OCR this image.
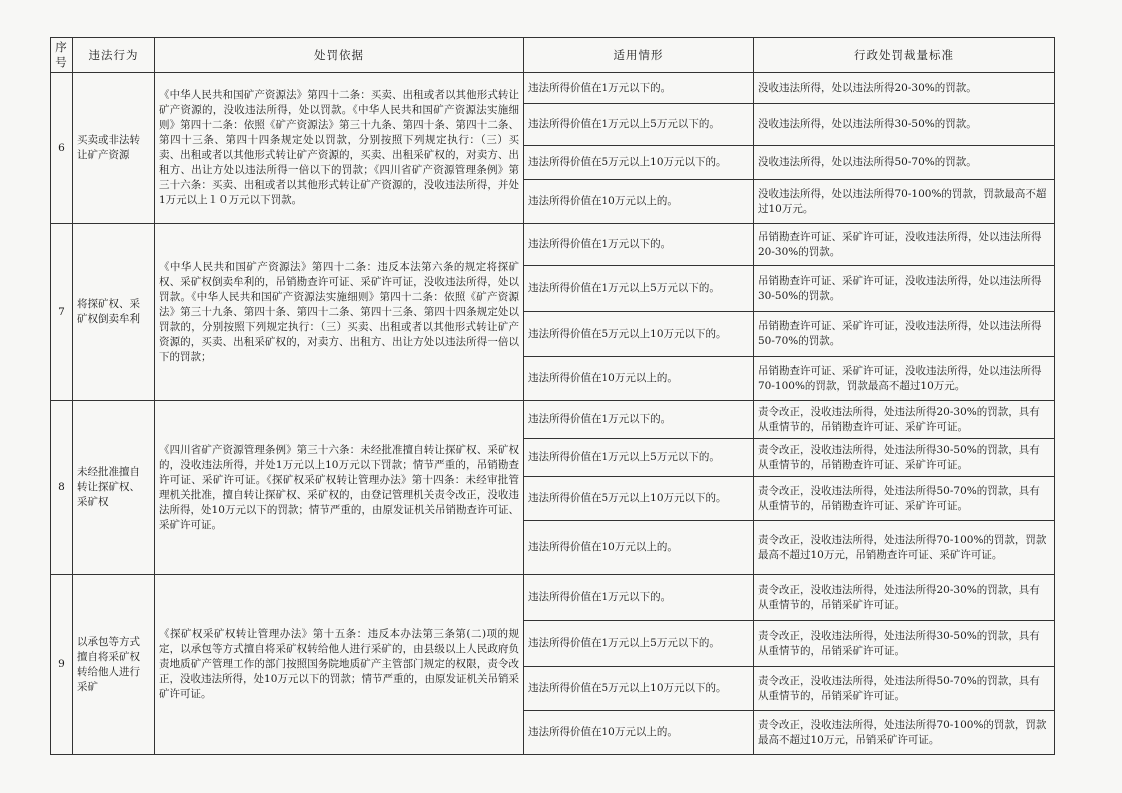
序号	违法行为	处罚依据	适用情形	行政处罚裁量标准
6	买卖或非法转让矿产资源	《中华人民共和国矿产资源法》第四十二条：买卖、出租或者以其他形式转让矿产资源的，没收违法所得，处以罚款。《中华人民共和国矿产资源法实施细则》第四十二条：依照《矿产资源法》第三十九条、第四十条、第四十二条、第四十三条、第四十四条规定处以罚款，分别按照下列规定执行：（三）买卖、出租或者以其他形式转让矿产资源的，买卖、出租采矿权的，对卖方、出租方、出让方处以违法所得一倍以下的罚款；《四川省矿产资源管理条例》第三十六条：买卖、出租或者以其他形式转让矿产资源的，没收违法所得，并处1万元以上１０万元以下罚款。	违法所得价值在1万元以下的。	没收违法所得，处以违法所得20-30%的罚款。
			违法所得价值在1万元以上5万元以下的。	没收违法所得，处以违法所得30-50%的罚款。
			违法所得价值在5万元以上10万元以下的。	没收违法所得，处以违法所得50-70%的罚款。
			违法所得价值在10万元以上的。	没收违法所得，处以违法所得70-100%的罚款，罚款最高不超过10万元。
7	将探矿权、采矿权倒卖牟利	《中华人民共和国矿产资源法》第四十二条：违反本法第六条的规定将探矿权、采矿权倒卖牟利的，吊销勘查许可证、采矿许可证，没收违法所得，处以罚款。《中华人民共和国矿产资源法实施细则》第四十二条：依照《矿产资源法》第三十九条、第四十条、第四十二条、第四十三条、第四十四条规定处以罚款的，分别按照下列规定执行：（三）买卖、出租或者以其他形式转让矿产资源的，买卖、出租采矿权的，对卖方、出租方、出让方处以违法所得一倍以下的罚款；	违法所得价值在1万元以下的。	吊销勘查许可证、采矿许可证，没收违法所得，处以违法所得20-30%的罚款。
			违法所得价值在1万元以上5万元以下的。	吊销勘查许可证、采矿许可证，没收违法所得，处以违法所得30-50%的罚款。
			违法所得价值在5万元以上10万元以下的。	吊销勘查许可证、采矿许可证，没收违法所得，处以违法所得50-70%的罚款。
			违法所得价值在10万元以上的。	吊销勘查许可证、采矿许可证，没收违法所得，处以违法所得70-100%的罚款，罚款最高不超过10万元。
8	未经批准擅自转让探矿权、采矿权	《四川省矿产资源管理条例》第三十六条：未经批准擅自转让探矿权、采矿权的，没收违法所得，并处1万元以上10万元以下罚款；情节严重的，吊销勘查许可证、采矿许可证。《探矿权采矿权转让管理办法》第十四条：未经审批管理机关批准，擅自转让探矿权、采矿权的，由登记管理机关责令改正，没收违法所得，处10万元以下的罚款；情节严重的，由原发证机关吊销勘查许可证、采矿许可证。	违法所得价值在1万元以下的。	责令改正，没收违法所得，处违法所得20-30%的罚款，具有从重情节的，吊销勘查许可证、采矿许可证。
			违法所得价值在1万元以上5万元以下的。	责令改正，没收违法所得，处违法所得30-50%的罚款，具有从重情节的，吊销勘查许可证、采矿许可证。
			违法所得价值在5万元以上10万元以下的。	责令改正，没收违法所得，处违法所得50-70%的罚款，具有从重情节的，吊销勘查许可证、采矿许可证。
			违法所得价值在10万元以上的。	责令改正，没收违法所得，处违法所得70-100%的罚款，罚款最高不超过10万元，吊销勘查许可证、采矿许可证。
9	以承包等方式擅自将采矿权转给他人进行采矿	《探矿权采矿权转让管理办法》第十五条：违反本办法第三条第(二)项的规定，以承包等方式擅自将采矿权转给他人进行采矿的，由县级以上人民政府负责地质矿产管理工作的部门按照国务院地质矿产主管部门规定的权限，责令改正，没收违法所得，处10万元以下的罚款；情节严重的，由原发证机关吊销采矿许可证。	违法所得价值在1万元以下的。	责令改正，没收违法所得，处违法所得20-30%的罚款，具有从重情节的，吊销采矿许可证。
			违法所得价值在1万元以上5万元以下的。	责令改正，没收违法所得，处违法所得30-50%的罚款，具有从重情节的，吊销采矿许可证。
			违法所得价值在5万元以上10万元以下的。	责令改正，没收违法所得，处违法所得50-70%的罚款，具有从重情节的，吊销采矿许可证。
			违法所得价值在10万元以上的。	责令改正，没收违法所得，处违法所得70-100%的罚款，罚款最高不超过10万元，吊销采矿许可证。
